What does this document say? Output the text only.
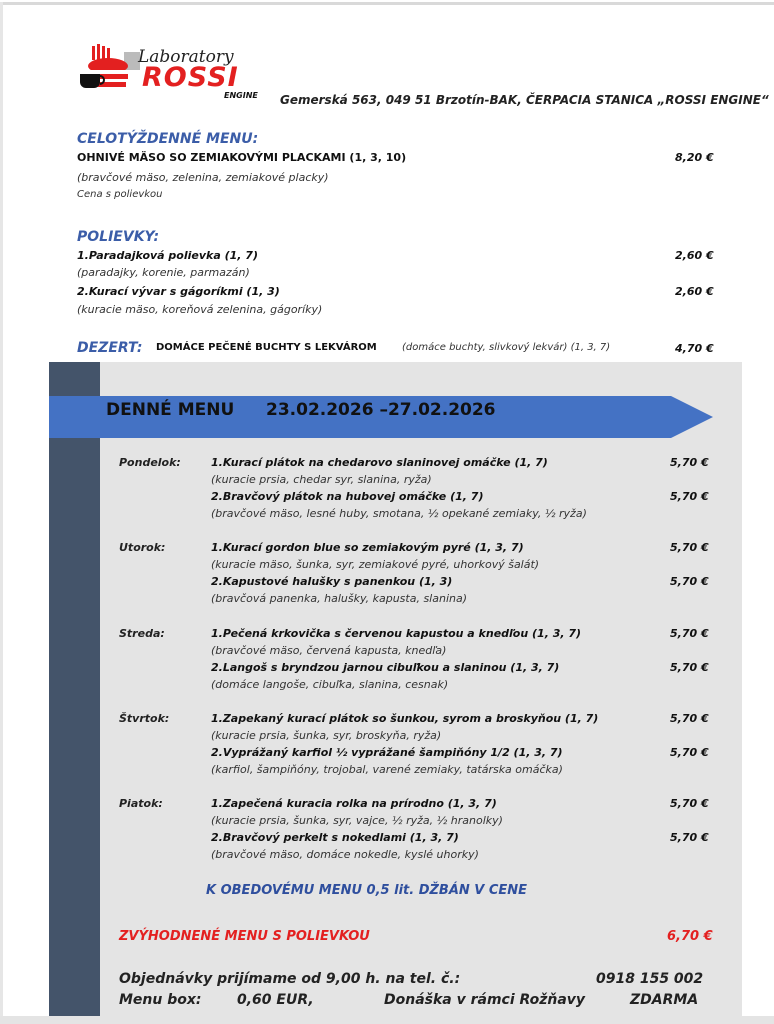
Laboratory
ROSSI
ENGINE Gemerská 563, 049 51 Brzotín-BAK, ČERPACIA STANICA „ROSSI ENGINE“
CELOTÝŽDENNÉ MENU:
OHNIVÉ MÄSO SO ZEMIAKOVÝMI PLACKAMI (1, 3, 10)	8,20 €
(bravčové mäso, zelenina, zemiakové placky)
Cena s polievkou
POLIEVKY:
1.Paradajková polievka (1, 7)	2,60 €
(paradajky, korenie, parmazán)
2.Kurací vývar s gágoríkmi (1, 3)	2,60 €
(kuracie mäso, koreňová zelenina, gágoríky)
DEZERT: DOMÁCE PEČENÉ BUCHTY S LEKVÁROM	(domáce buchty, slivkový lekvár) (1, 3, 7)	4,70 €
DENNÉ MENU 23.02.2026 –27.02.2026
Pondelok:	1.Kurací plátok na chedarovo slaninovej omáčke (1, 7)	5,70 €
(kuracie prsia, chedar syr, slanina, ryža)
2.Bravčový plátok na hubovej omáčke (1, 7)	5,70 €
(bravčové mäso, lesné huby, smotana, ½ opekané zemiaky, ½ ryža)
Utorok:	1.Kurací gordon blue so zemiakovým pyré (1, 3, 7)	5,70 €
(kuracie mäso, šunka, syr, zemiakové pyré, uhorkový šalát)
2.Kapustové halušky s panenkou (1, 3)	5,70 €
(bravčová panenka, halušky, kapusta, slanina)
Streda:	1.Pečená krkovička s červenou kapustou a knedľou (1, 3, 7)	5,70 €
(bravčové mäso, červená kapusta, knedľa)
2.Langoš s bryndzou jarnou cibuľkou a slaninou (1, 3, 7)	5,70 €
(domáce langoše, cibuľka, slanina, cesnak)
Štvrtok:	1.Zapekaný kurací plátok so šunkou, syrom a broskyňou (1, 7)	5,70 €
(kuracie prsia, šunka, syr, broskyňa, ryža)
2.Vyprážaný karfiol ½ vyprážané šampiňóny 1/2 (1, 3, 7)	5,70 €
(karfiol, šampiňóny, trojobal, varené zemiaky, tatárska omáčka)
Piatok:	1.Zapečená kuracia rolka na prírodno (1, 3, 7)	5,70 €
(kuracie prsia, šunka, syr, vajce, ½ ryža, ½ hranolky)
2.Bravčový perkelt s nokedlami (1, 3, 7)	5,70 €
(bravčové mäso, domáce nokedle, kyslé uhorky)
K OBEDOVÉMU MENU 0,5 lit. DŽBÁN V CENE
ZVÝHODNENÉ MENU S POLIEVKOU	6,70 €
Objednávky prijímame od 9,00 h. na tel. č.:	0918 155 002
Menu box:	0,60 EUR,	Donáška v rámci Rožňavy	ZDARMA
